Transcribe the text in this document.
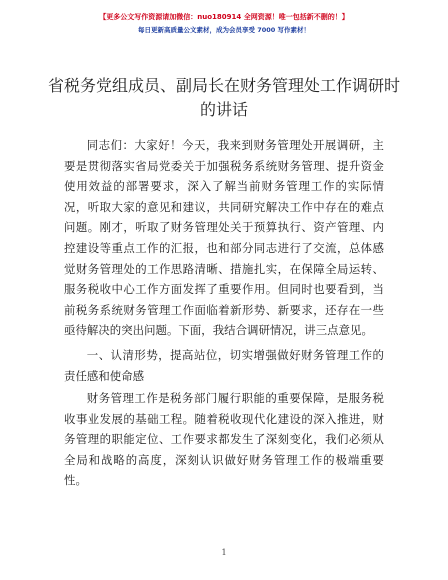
【更多公文写作资源请加微信：nuo180914 全网资源！唯一包括新不删的！】
每日更新高质量公文素材，成为会员享受 7000 写作素材！
省税务党组成员、副局长在财务管理处工作调研时的讲话

同志们：大家好！今天，我来到财务管理处开展调研，主要是贯彻落实省局党委关于加强税务系统财务管理、提升资金使用效益的部署要求，深入了解当前财务管理工作的实际情况，听取大家的意见和建议，共同研究解决工作中存在的难点问题。刚才，听取了财务管理处关于预算执行、资产管理、内控建设等重点工作的汇报，也和部分同志进行了交流，总体感觉财务管理处的工作思路清晰、措施扎实，在保障全局运转、服务税收中心工作方面发挥了重要作用。但同时也要看到，当前税务系统财务管理工作面临着新形势、新要求，还存在一些亟待解决的突出问题。下面，我结合调研情况，讲三点意见。

一、认清形势，提高站位，切实增强做好财务管理工作的责任感和使命感

财务管理工作是税务部门履行职能的重要保障，是服务税收事业发展的基础工程。随着税收现代化建设的深入推进，财务管理的职能定位、工作要求都发生了深刻变化，我们必须从全局和战略的高度，深刻认识做好财务管理工作的极端重要性。

1
